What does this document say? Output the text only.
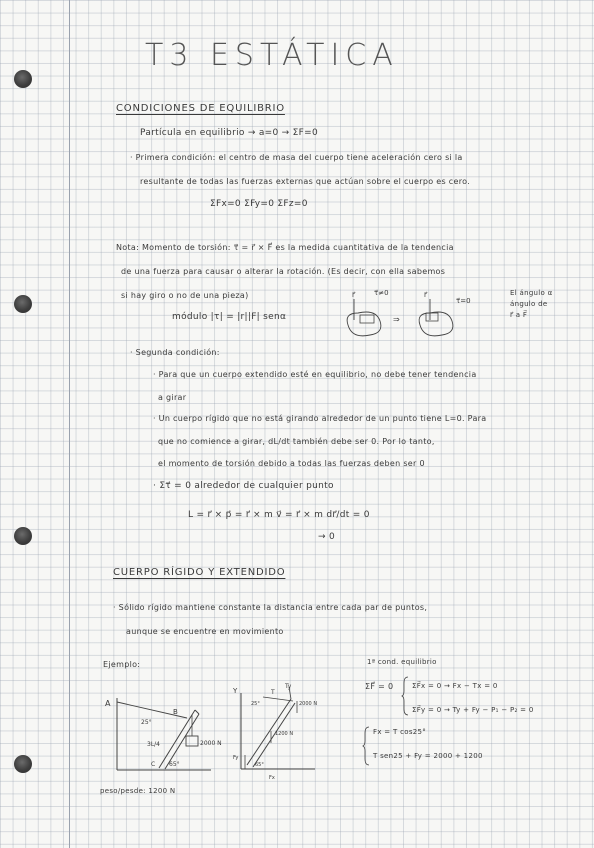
T3 ESTÁTICA
CONDICIONES DE EQUILIBRIO
Partícula en equilibrio → a=0 → ΣF=0
· Primera condición: el centro de masa del cuerpo tiene aceleración cero si la
resultante de todas las fuerzas externas que actúan sobre el cuerpo es cero.
ΣFx=0 ΣFy=0 ΣFz=0
Nota: Momento de torsión: τ⃗ = r⃗ × F⃗ es la medida cuantitativa de la tendencia
de una fuerza para causar o alterar la rotación. (Es decir, con ella sabemos
si hay giro o no de una pieza)
módulo |τ| = |r||F| senα
r⃗	τ⃗≠0
⇒
r⃗
τ⃗=0
El ángulo α
ángulo de
r⃗ a F⃗
· Segunda condición:
· Para que un cuerpo extendido esté en equilibrio, no debe tener tendencia
a girar
· Un cuerpo rígido que no está girando alrededor de un punto tiene L=0. Para
que no comience a girar, dL/dt también debe ser 0. Por lo tanto,
el momento de torsión debido a todas las fuerzas deben ser 0
· Στ⃗ = 0 alrededor de cualquier punto
L = r⃗ × p⃗ = r⃗ × m v⃗ = r⃗ × m dr⃗/dt = 0
→ 0
CUERPO RÍGIDO Y EXTENDIDO
· Sólido rígido mantiene constante la distancia entre cada par de puntos,
aunque se encuentre en movimiento
Ejemplo:
A
B
25°
65°
C
3L/4	2000 N
peso/pesde: 1200 N
Y	T
Ty
25°	2000 N
1200 N
Fy
Fx
65°
1ª cond. equilibrio
ΣF⃗ = 0	ΣF⃗x = 0 → Fx − Tx = 0
ΣF⃗y = 0 → Ty + Fy − P₁ − P₂ = 0
Fx = T cos25°
T sen25 + Fy = 2000 + 1200
